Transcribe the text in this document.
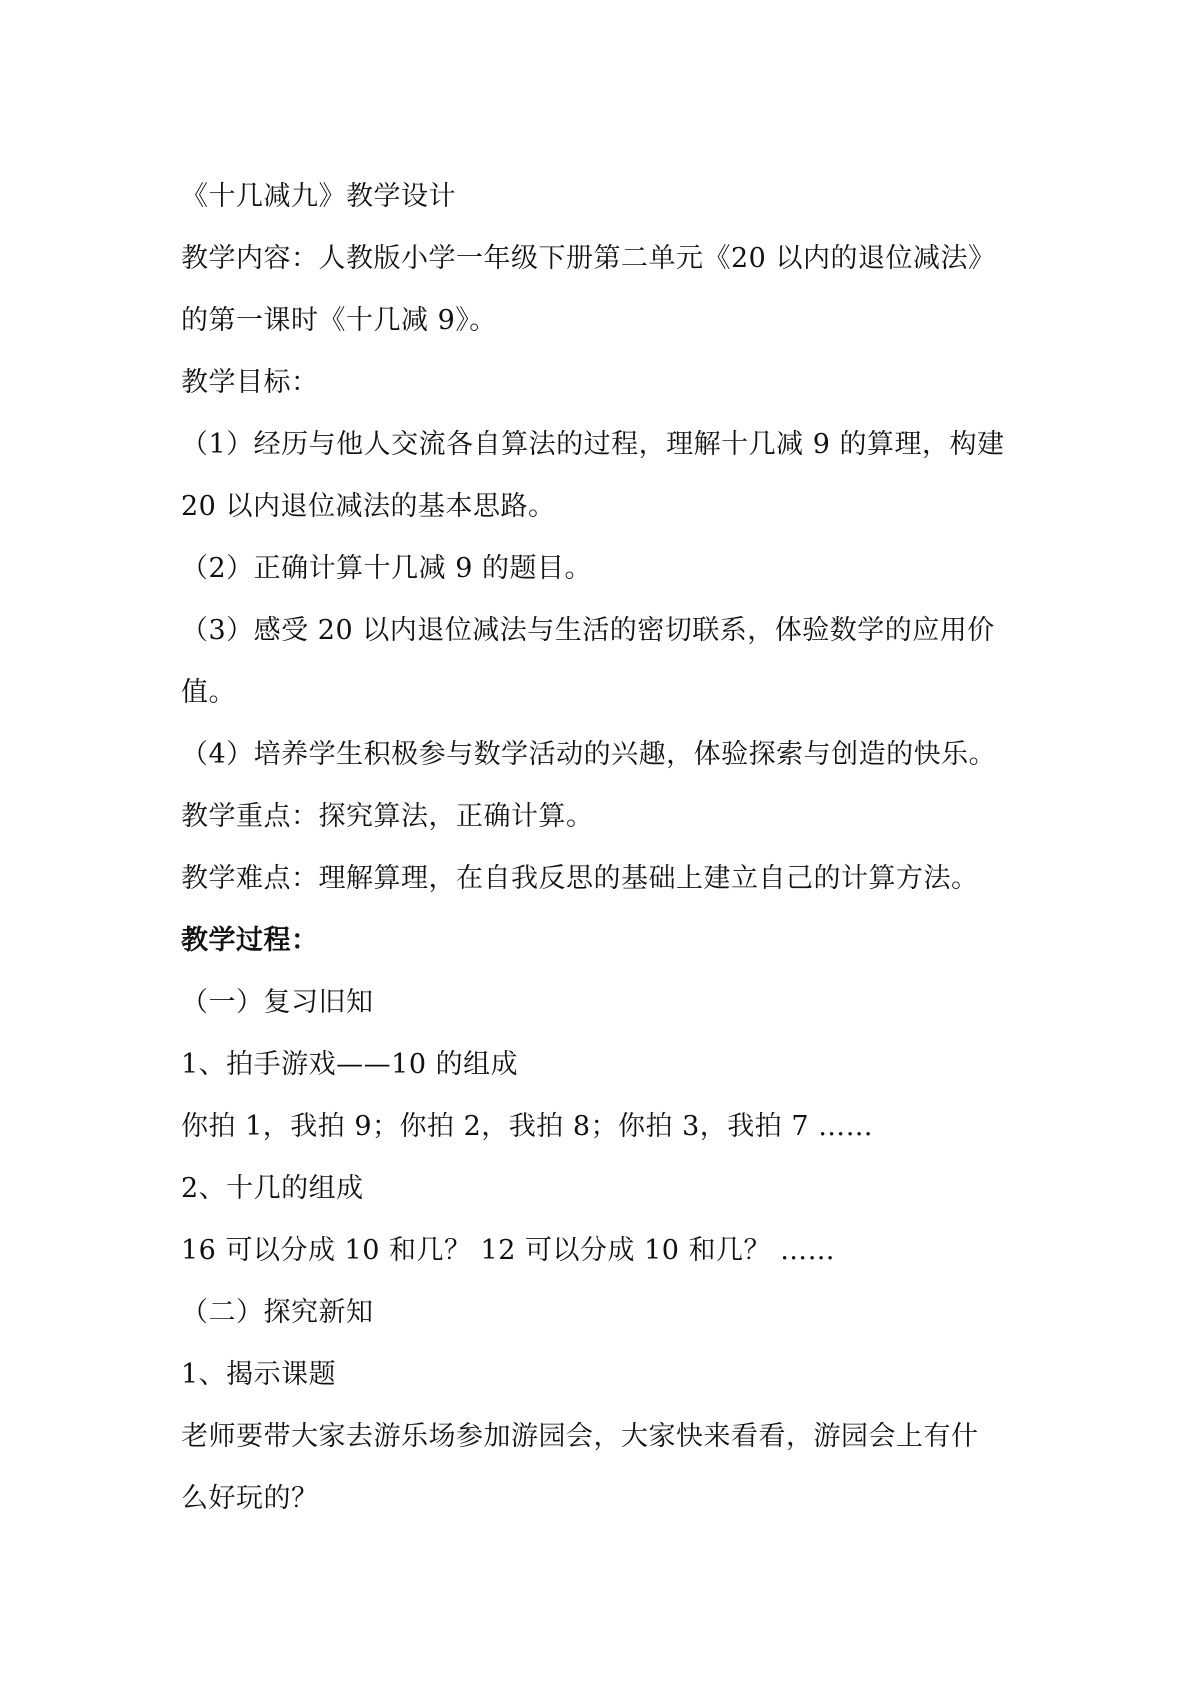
《十几减九》教学设计
教学内容：人教版小学一年级下册第二单元《20 以内的退位减法》
的第一课时《十几减 9》。
教学目标：
（1）经历与他人交流各自算法的过程，理解十几减 9 的算理，构建
20 以内退位减法的基本思路。
（2）正确计算十几减 9 的题目。
（3）感受 20 以内退位减法与生活的密切联系，体验数学的应用价
值。
（4）培养学生积极参与数学活动的兴趣，体验探索与创造的快乐。
教学重点：探究算法，正确计算。
教学难点：理解算理，在自我反思的基础上建立自己的计算方法。
教学过程：
（一）复习旧知
1、拍手游戏——10 的组成
你拍 1，我拍 9；你拍 2，我拍 8；你拍 3，我拍 7 ……
2、十几的组成
16 可以分成 10 和几？ 12 可以分成 10 和几？ ……
（二）探究新知
1、揭示课题
老师要带大家去游乐场参加游园会，大家快来看看，游园会上有什
么好玩的？
